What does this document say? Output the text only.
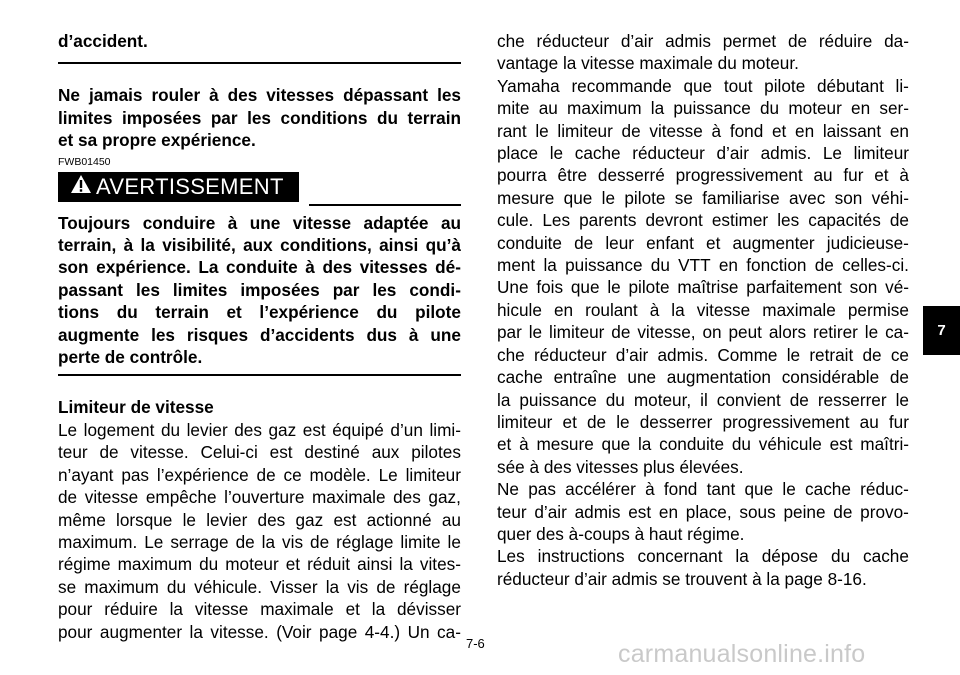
d’accident.
Ne jamais rouler à des vitesses dépassant les
limites imposées par les conditions du terrain
et sa propre expérience.
FWB01450
AVERTISSEMENT
Toujours conduire à une vitesse adaptée au
terrain, à la visibilité, aux conditions, ainsi qu’à
son expérience. La conduite à des vitesses dé-
passant les limites imposées par les condi-
tions du terrain et l’expérience du pilote
augmente les risques d’accidents dus à une
perte de contrôle.
Limiteur de vitesse
Le logement du levier des gaz est équipé d’un limi-
teur de vitesse. Celui-ci est destiné aux pilotes
n’ayant pas l’expérience de ce modèle. Le limiteur
de vitesse empêche l’ouverture maximale des gaz,
même lorsque le levier des gaz est actionné au
maximum. Le serrage de la vis de réglage limite le
régime maximum du moteur et réduit ainsi la vites-
se maximum du véhicule. Visser la vis de réglage
pour réduire la vitesse maximale et la dévisser
pour augmenter la vitesse. (Voir page 4-4.) Un ca-
che réducteur d’air admis permet de réduire da-
vantage la vitesse maximale du moteur.
Yamaha recommande que tout pilote débutant li-
mite au maximum la puissance du moteur en ser-
rant le limiteur de vitesse à fond et en laissant en
place le cache réducteur d’air admis. Le limiteur
pourra être desserré progressivement au fur et à
mesure que le pilote se familiarise avec son véhi-
cule. Les parents devront estimer les capacités de
conduite de leur enfant et augmenter judicieuse-
ment la puissance du VTT en fonction de celles-ci.
Une fois que le pilote maîtrise parfaitement son vé-
hicule en roulant à la vitesse maximale permise
par le limiteur de vitesse, on peut alors retirer le ca-
che réducteur d’air admis. Comme le retrait de ce
cache entraîne une augmentation considérable de
la puissance du moteur, il convient de resserrer le
limiteur et de le desserrer progressivement au fur
et à mesure que la conduite du véhicule est maîtri-
sée à des vitesses plus élevées.
Ne pas accélérer à fond tant que le cache réduc-
teur d’air admis est en place, sous peine de provo-
quer des à-coups à haut régime.
Les instructions concernant la dépose du cache
réducteur d’air admis se trouvent à la page 8-16.
7-6
7
carmanualsonline.info
